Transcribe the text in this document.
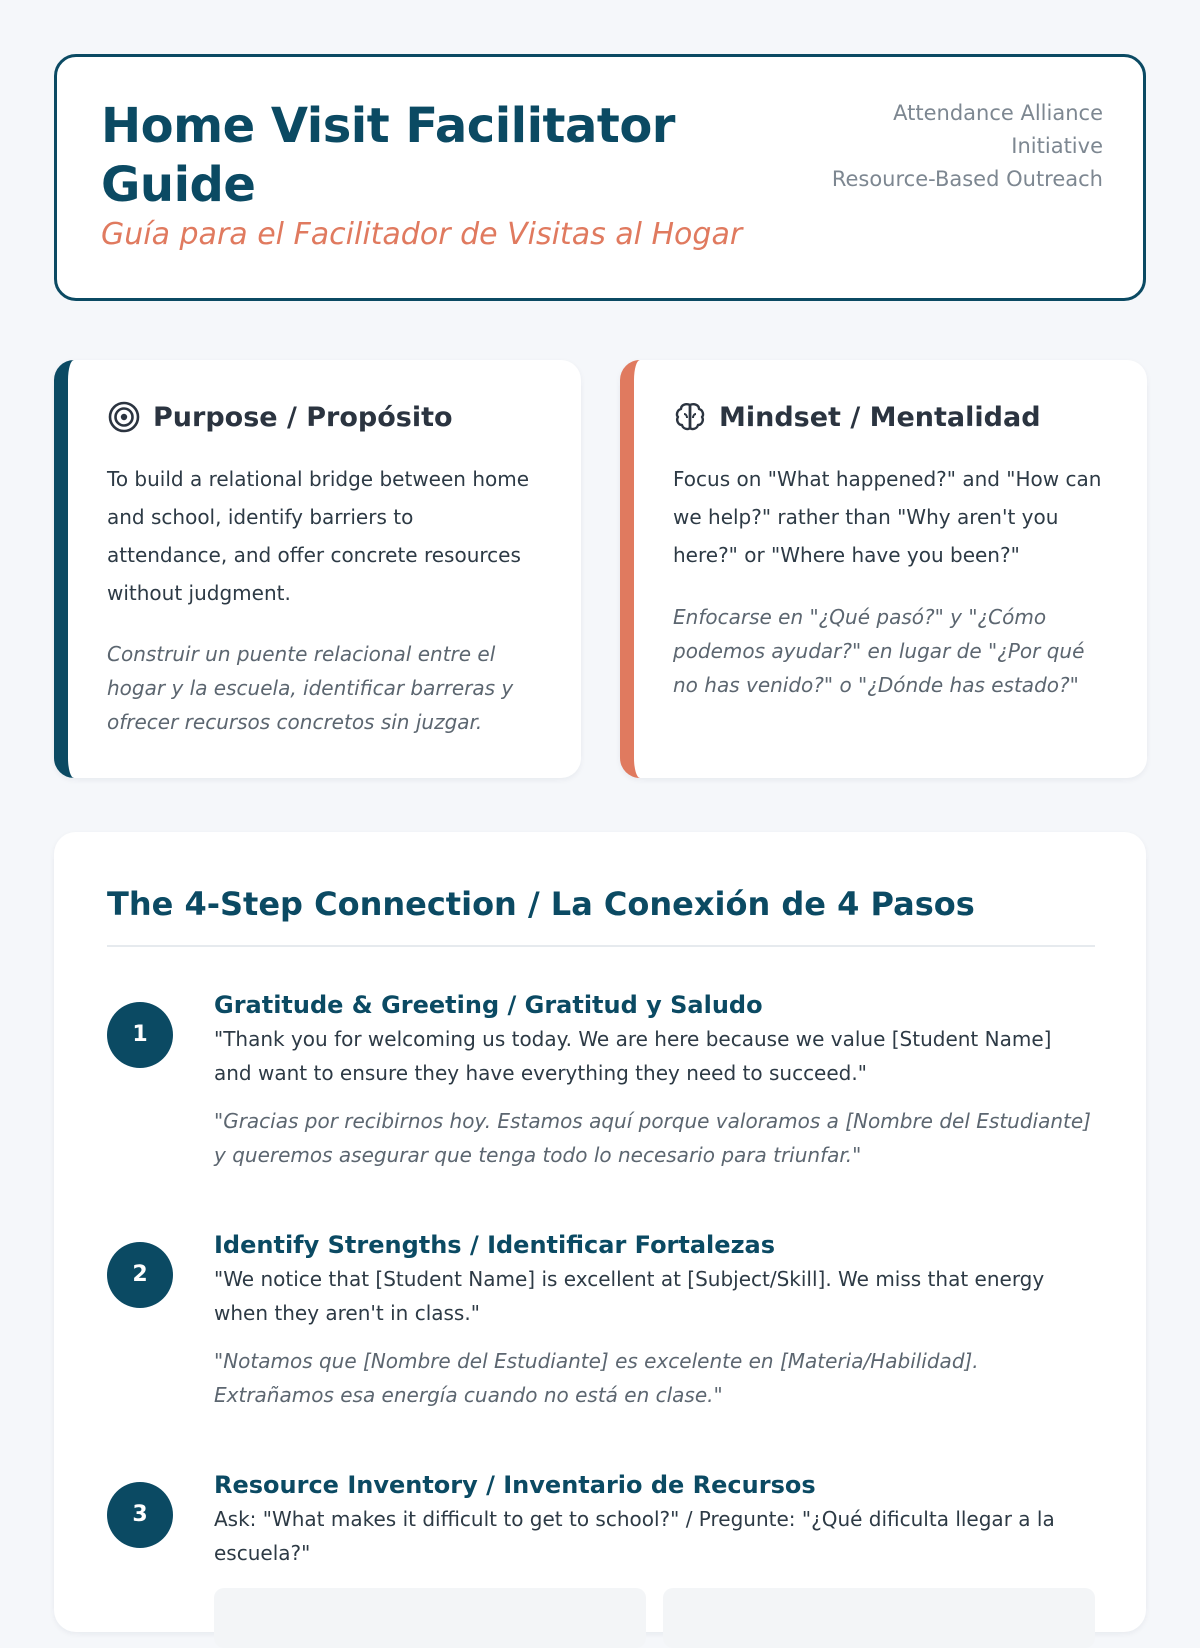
Home Visit Facilitator Guide
Guía para el Facilitador de Visitas al Hogar
Attendance Alliance
Initiative
Resource-Based Outreach
Purpose / Propósito

To build a relational bridge between home and school, identify barriers to attendance, and offer concrete resources without judgment.

Construir un puente relacional entre el hogar y la escuela, identificar barreras y ofrecer recursos concretos sin juzgar.

Mindset / Mentalidad

Focus on "What happened?" and "How can we help?" rather than "Why aren't you here?" or "Where have you been?"

Enfocarse en "¿Qué pasó?" y "¿Cómo podemos ayudar?" en lugar de "¿Por qué no has venido?" o "¿Dónde has estado?"

The 4-Step Connection / La Conexión de 4 Pasos
1
Gratitude & Greeting / Gratitud y Saludo

"Thank you for welcoming us today. We are here because we value [Student Name] and want to ensure they have everything they need to succeed."

"Gracias por recibirnos hoy. Estamos aquí porque valoramos a [Nombre del Estudiante] y queremos asegurar que tenga todo lo necesario para triunfar."

2
Identify Strengths / Identificar Fortalezas

"We notice that [Student Name] is excellent at [Subject/Skill]. We miss that energy when they aren't in class."

"Notamos que [Nombre del Estudiante] es excelente en [Materia/Habilidad]. Extrañamos esa energía cuando no está en clase."

3
Resource Inventory / Inventario de Recursos

Ask: "What makes it difficult to get to school?" / Pregunte: "¿Qué dificulta llegar a la escuela?"
